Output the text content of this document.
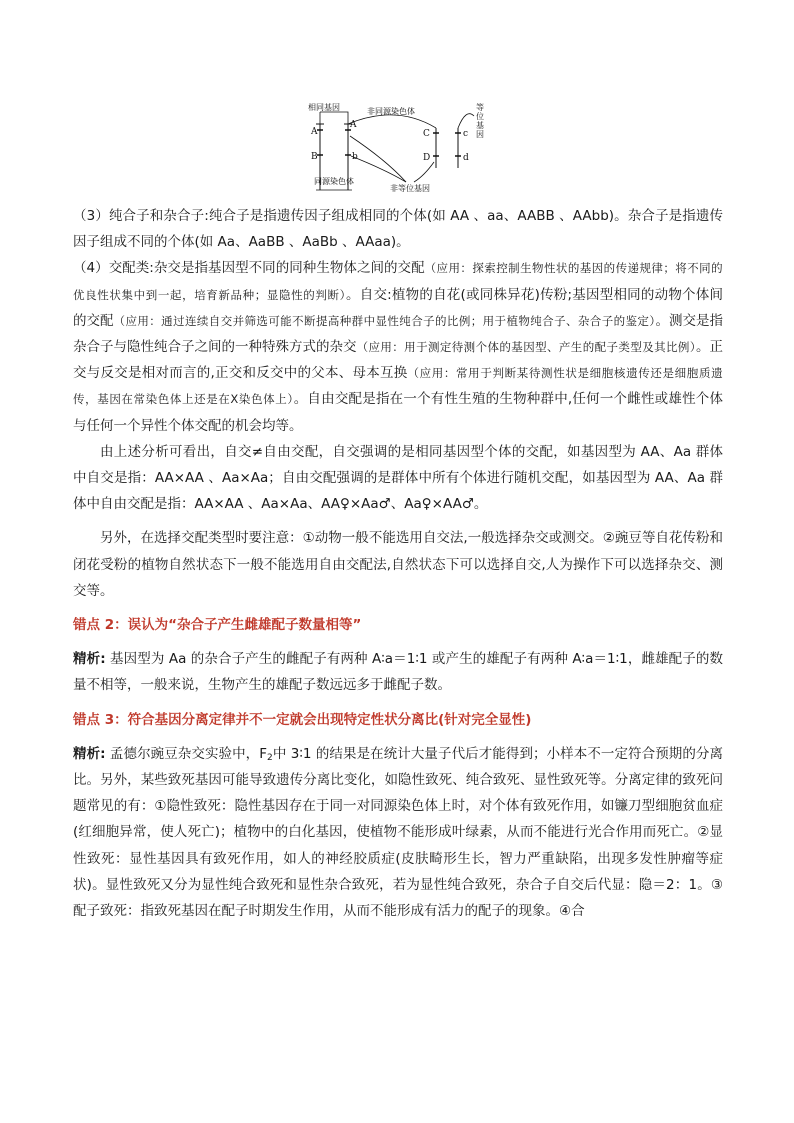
相同基因	非同源染色体	等
位
基
因
A
A
B	b
同源染色体
C	c
D	d
非等位基因

（3）纯合子和杂合子:纯合子是指遗传因子组成相同的个体(如 AA 、aa、AABB 、AAbb)。杂合子是指遗传因子组成不同的个体(如 Aa、AaBB 、AaBb 、AAaa)。

（4）交配类:杂交是指基因型不同的同种生物体之间的交配（应用：探索控制生物性状的基因的传递规律；将不同的优良性状集中到一起，培育新品种；显隐性的判断）。自交:植物的自花(或同株异花)传粉;基因型相同的动物个体间的交配（应用：通过连续自交并筛选可能不断提高种群中显性纯合子的比例；用于植物纯合子、杂合子的鉴定）。测交是指杂合子与隐性纯合子之间的一种特殊方式的杂交（应用：用于测定待测个体的基因型、产生的配子类型及其比例）。正交与反交是相对而言的,正交和反交中的父本、母本互换（应用：常用于判断某待测性状是细胞核遗传还是细胞质遗传，基因在常染色体上还是在X染色体上）。自由交配是指在一个有性生殖的生物种群中,任何一个雌性或雄性个体与任何一个异性个体交配的机会均等。

由上述分析可看出，自交≠自由交配，自交强调的是相同基因型个体的交配，如基因型为 AA、Aa 群体中自交是指：AA×AA 、Aa×Aa；自由交配强调的是群体中所有个体进行随机交配，如基因型为 AA、Aa 群体中自由交配是指：AA×AA 、Aa×Aa、AA♀×Aa♂、Aa♀×AA♂。

另外，在选择交配类型时要注意：①动物一般不能选用自交法,一般选择杂交或测交。②豌豆等自花传粉和闭花受粉的植物自然状态下一般不能选用自由交配法,自然状态下可以选择自交,人为操作下可以选择杂交、测交等。

错点 2：误认为“杂合子产生雌雄配子数量相等”

精析: 基因型为 Aa 的杂合子产生的雌配子有两种 A∶a＝1∶1 或产生的雄配子有两种 A∶a＝1∶1，雌雄配子的数量不相等，一般来说，生物产生的雄配子数远远多于雌配子数。

错点 3：符合基因分离定律并不一定就会出现特定性状分离比(针对完全显性)

精析: 孟德尔豌豆杂交实验中，$F_2$中 3∶1 的结果是在统计大量子代后才能得到；小样本不一定符合预期的分离比。另外，某些致死基因可能导致遗传分离比变化，如隐性致死、纯合致死、显性致死等。分离定律的致死问题常见的有：①隐性致死：隐性基因存在于同一对同源染色体上时，对个体有致死作用，如镰刀型细胞贫血症(红细胞异常，使人死亡)；植物中的白化基因，使植物不能形成叶绿素，从而不能进行光合作用而死亡。②显性致死：显性基因具有致死作用，如人的神经胶质症(皮肤畸形生长，智力严重缺陷，出现多发性肿瘤等症状)。显性致死又分为显性纯合致死和显性杂合致死，若为显性纯合致死，杂合子自交后代显：隐＝2：1。③配子致死：指致死基因在配子时期发生作用，从而不能形成有活力的配子的现象。④合
